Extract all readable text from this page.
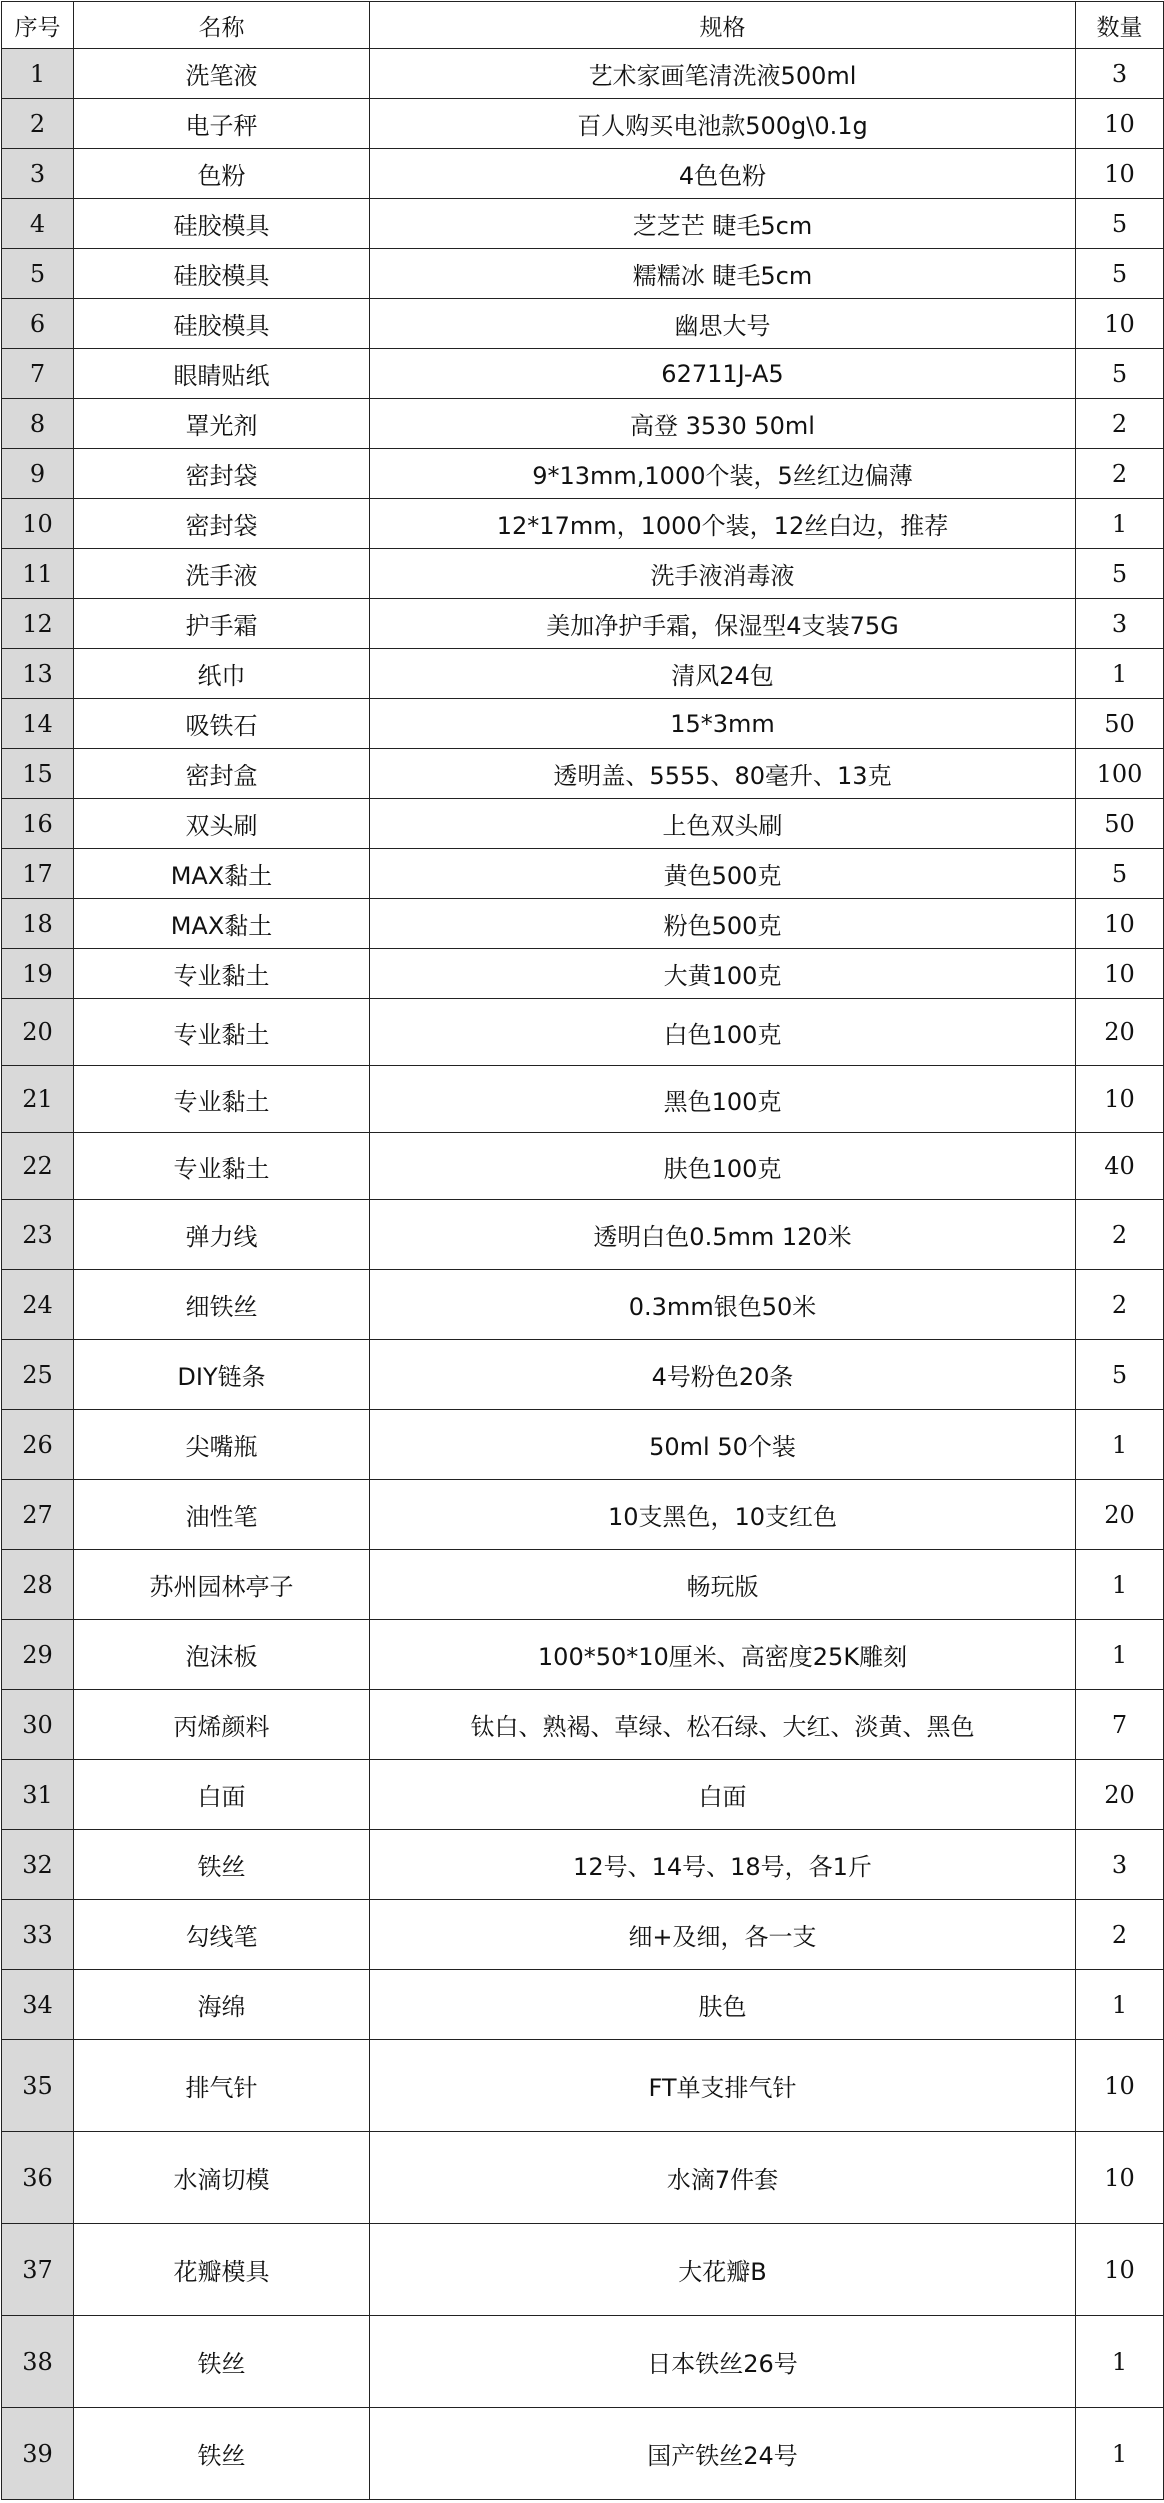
序号	名称	规格	数量
1	洗笔液	艺术家画笔清洗液500ml	3
2	电子秤	百人购买电池款500g\0.1g	10
3	色粉	4色色粉	10
4	硅胶模具	芝芝芒 睫毛5cm	5
5	硅胶模具	糯糯冰 睫毛5cm	5
6	硅胶模具	幽思大号	10
7	眼睛贴纸	62711J-A5	5
8	罩光剂	高登 3530 50ml	2
9	密封袋	9*13mm,1000个装，5丝红边偏薄	2
10	密封袋	12*17mm，1000个装，12丝白边，推荐	1
11	洗手液	洗手液消毒液	5
12	护手霜	美加净护手霜，保湿型4支装75G	3
13	纸巾	清风24包	1
14	吸铁石	15*3mm	50
15	密封盒	透明盖、5555、80毫升、13克	100
16	双头刷	上色双头刷	50
17	MAX黏土	黄色500克	5
18	MAX黏土	粉色500克	10
19	专业黏土	大黄100克	10
20	专业黏土	白色100克	20
21	专业黏土	黑色100克	10
22	专业黏土	肤色100克	40
23	弹力线	透明白色0.5mm 120米	2
24	细铁丝	0.3mm银色50米	2
25	DIY链条	4号粉色20条	5
26	尖嘴瓶	50ml 50个装	1
27	油性笔	10支黑色，10支红色	20
28	苏州园林亭子	畅玩版	1
29	泡沫板	100*50*10厘米、高密度25K雕刻	1
30	丙烯颜料	钛白、熟褐、草绿、松石绿、大红、淡黄、黑色	7
31	白面	白面	20
32	铁丝	12号、14号、18号，各1斤	3
33	勾线笔	细+及细，各一支	2
34	海绵	肤色	1
35	排气针	FT单支排气针	10
36	水滴切模	水滴7件套	10
37	花瓣模具	大花瓣B	10
38	铁丝	日本铁丝26号	1
39	铁丝	国产铁丝24号	1
